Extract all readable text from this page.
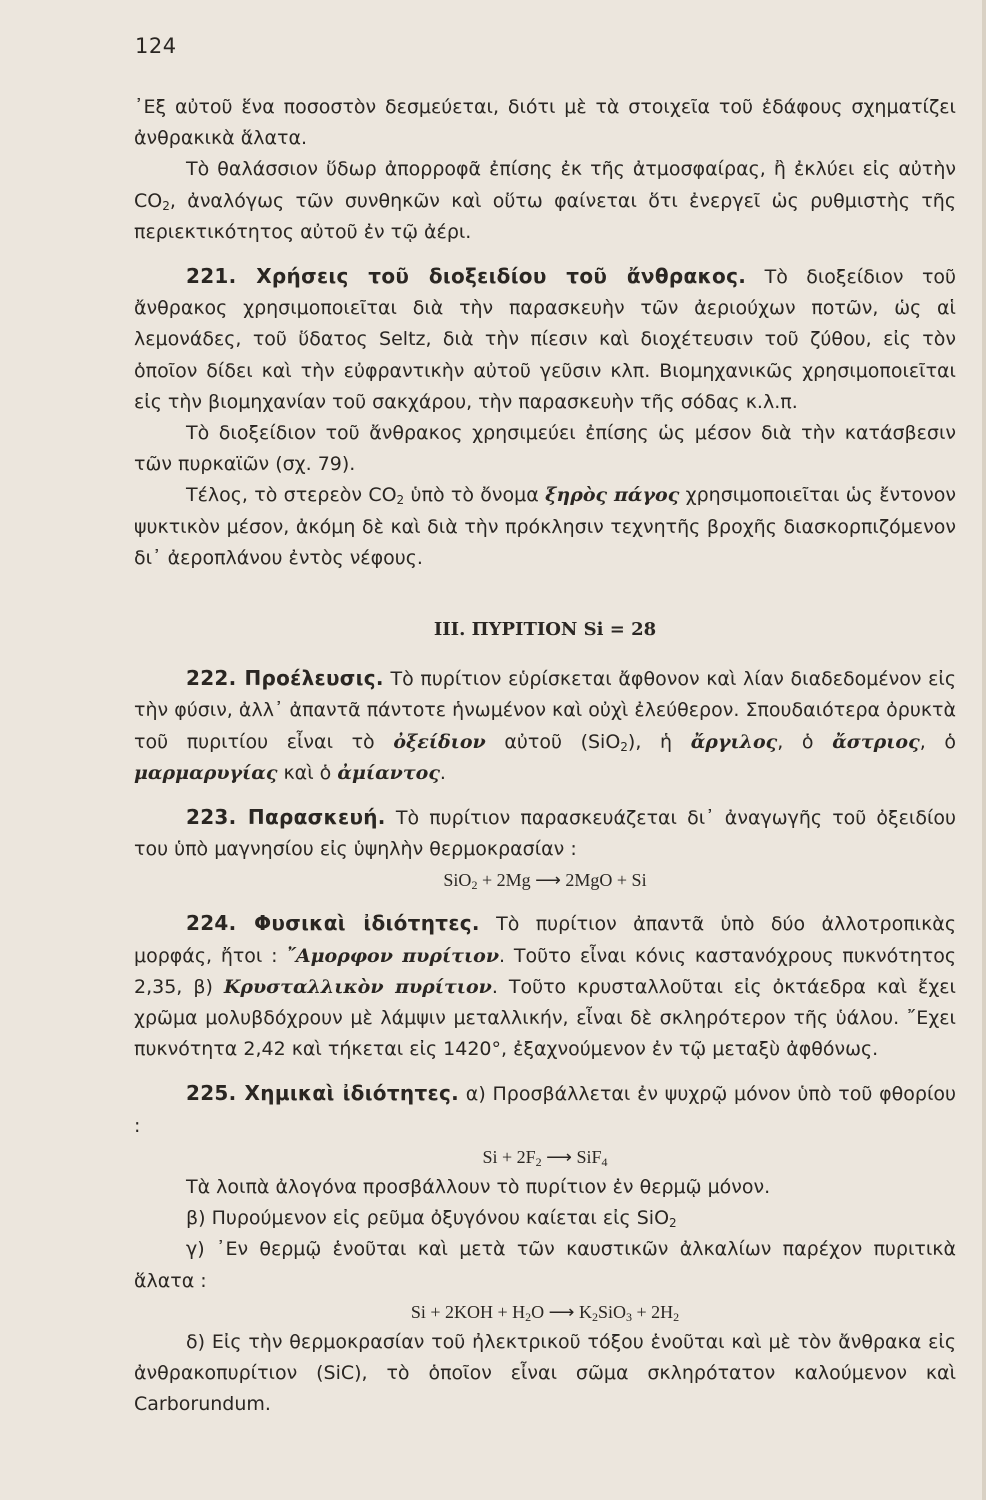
124

᾿Εξ αὐτοῦ ἕνα ποσοστὸν δεσμεύεται, διότι μὲ τὰ στοιχεῖα τοῦ ἐδάφους σχηματίζει ἀνθρακικὰ ἅλατα.

Τὸ θαλάσσιον ὕδωρ ἀπορροφᾶ ἐπίσης ἐκ τῆς ἀτμοσφαίρας, ἢ ἐκλύει εἰς αὐτὴν $CO_2$, ἀναλόγως τῶν συνθηκῶν καὶ οὕτω φαίνεται ὅτι ἐνεργεῖ ὡς ρυθμιστὴς τῆς περιεκτικότητος αὐτοῦ ἐν τῷ ἀέρι.

221. Χρήσεις τοῦ διοξειδίου τοῦ ἄνθρακος. Τὸ διοξείδιον τοῦ ἄνθρακος χρησιμοποιεῖται διὰ τὴν παρασκευὴν τῶν ἀεριούχων ποτῶν, ὡς αἱ λεμονάδες, τοῦ ὕδατος Seltz, διὰ τὴν πίεσιν καὶ διοχέτευσιν τοῦ ζύθου, εἰς τὸν ὁποῖον δίδει καὶ τὴν εὐφραντικὴν αὐτοῦ γεῦσιν κλπ. Βιομηχανικῶς χρησιμοποιεῖται εἰς τὴν βιομηχανίαν τοῦ σακχάρου, τὴν παρασκευὴν τῆς σόδας κ.λ.π.

Τὸ διοξείδιον τοῦ ἄνθρακος χρησιμεύει ἐπίσης ὡς μέσον διὰ τὴν κατάσβεσιν τῶν πυρκαϊῶν (σχ. 79).

Τέλος, τὸ στερεὸν $CO_2$ ὑπὸ τὸ ὄνομα ξηρὸς πάγος χρησιμοποιεῖται ὡς ἔντονον ψυκτικὸν μέσον, ἀκόμη δὲ καὶ διὰ τὴν πρόκλησιν τεχνητῆς βροχῆς διασκορπιζόμενον δι᾿ ἀεροπλάνου ἐντὸς νέφους.

III. ΠΥΡΙΤΙΟΝ Si = 28

222. Προέλευσις. Τὸ πυρίτιον εὑρίσκεται ἄφθονον καὶ λίαν διαδεδομένον εἰς τὴν φύσιν, ἀλλ᾿ ἀπαντᾶ πάντοτε ἡνωμένον καὶ οὐχὶ ἐλεύθερον. Σπουδαιότερα ὀρυκτὰ τοῦ πυριτίου εἶναι τὸ ὀξείδιον αὐτοῦ (SiO$_2$), ἡ ἄργιλος, ὁ ἄστριος, ὁ μαρμαρυγίας καὶ ὁ ἀμίαντος.

223. Παρασκευή. Τὸ πυρίτιον παρασκευάζεται δι᾿ ἀναγωγῆς τοῦ ὀξειδίου του ὑπὸ μαγνησίου εἰς ὑψηλὴν θερμοκρασίαν :

SiO$_2$ + 2Mg ⟶ 2MgO + Si

224. Φυσικαὶ ἰδιότητες. Τὸ πυρίτιον ἀπαντᾶ ὑπὸ δύο ἀλλοτροπικὰς μορφάς, ἤτοι : ῎Αμορφον πυρίτιον. Τοῦτο εἶναι κόνις καστανόχρους πυκνότητος 2,35, β) Κρυσταλλικὸν πυρίτιον. Τοῦτο κρυσταλλοῦται εἰς ὀκτάεδρα καὶ ἔχει χρῶμα μολυβδόχρουν μὲ λάμψιν μεταλλικήν, εἶναι δὲ σκληρότερον τῆς ὑάλου. ῎Εχει πυκνότητα 2,42 καὶ τήκεται εἰς 1420°, ἐξαχνούμενον ἐν τῷ μεταξὺ ἀφθόνως.

225. Χημικαὶ ἰδιότητες. α) Προσβάλλεται ἐν ψυχρῷ μόνον ὑπὸ τοῦ φθορίου :

$Si + 2F_2$ ⟶ SiF$_4$

Τὰ λοιπὰ ἀλογόνα προσβάλλουν τὸ πυρίτιον ἐν θερμῷ μόνον.

β) Πυρούμενον εἰς ρεῦμα ὀξυγόνου καίεται εἰς SiO$_2$

γ) ᾿Εν θερμῷ ἑνοῦται καὶ μετὰ τῶν καυστικῶν ἀλκαλίων παρέχον πυριτικὰ ἅλατα :

$Si + 2KOH + H_2O$ ⟶ $K_2SiO_3 + 2H_2$

δ) Εἰς τὴν θερμοκρασίαν τοῦ ἠλεκτρικοῦ τόξου ἑνοῦται καὶ μὲ τὸν ἄνθρακα εἰς ἀνθρακοπυρίτιον (SiC), τὸ ὁποῖον εἶναι σῶμα σκληρότατον καλούμενον καὶ Carborundum.
